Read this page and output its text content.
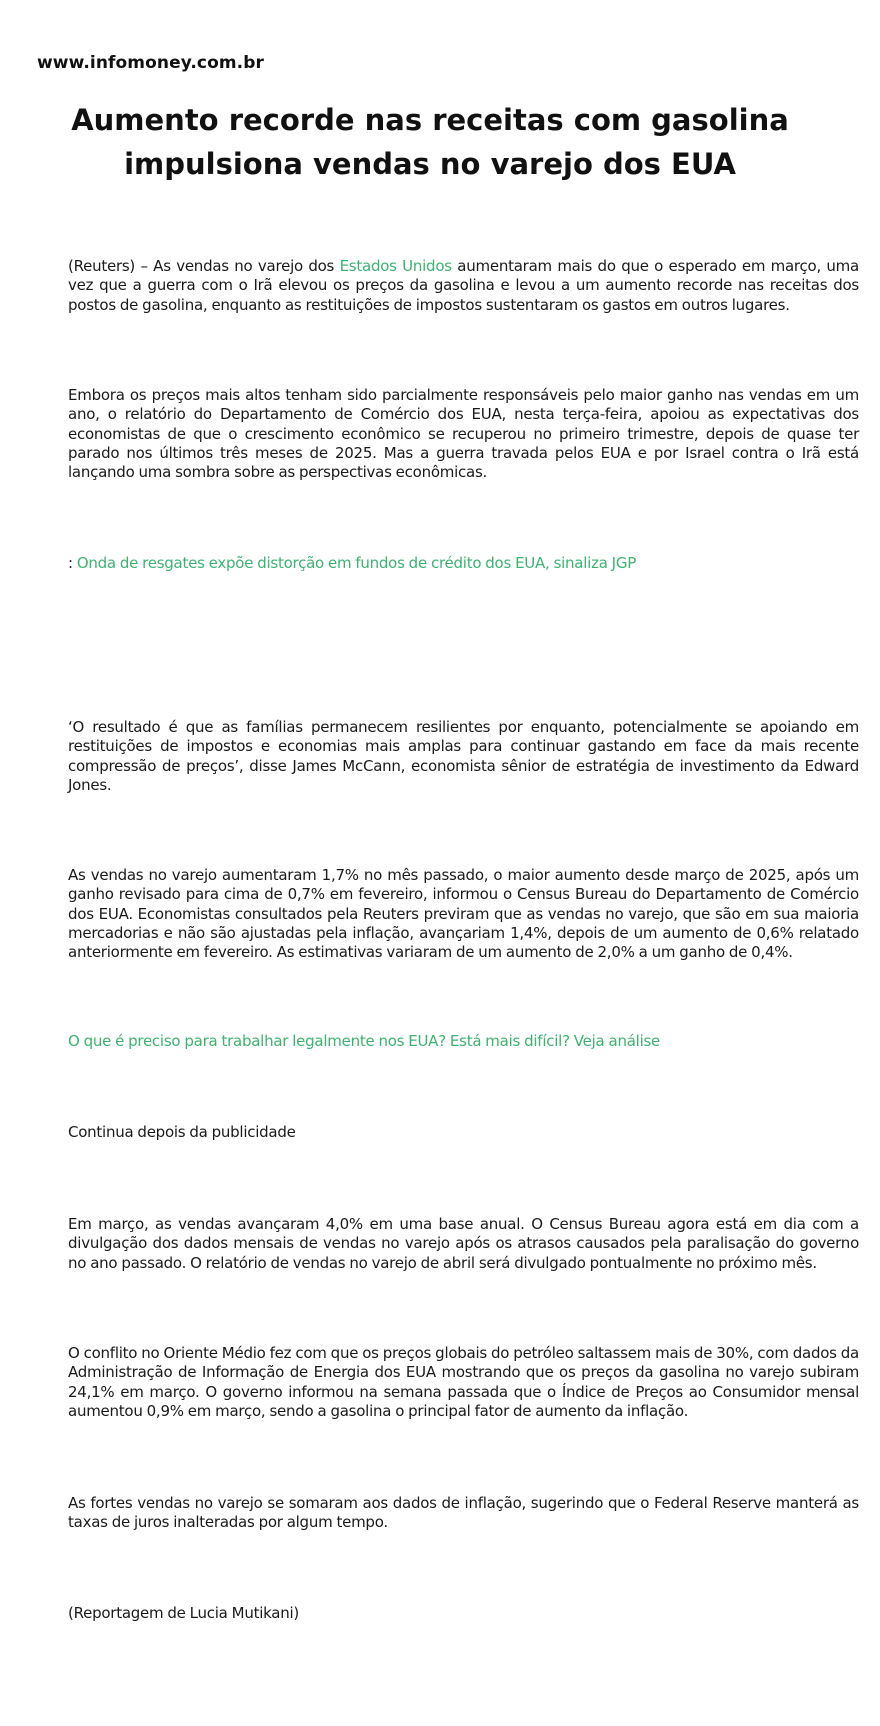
www.infomoney.com.br
Aumento recorde nas receitas com gasolina impulsiona vendas no varejo dos EUA

(Reuters) – As vendas no varejo dos Estados Unidos aumentaram mais do que o esperado em março, uma vez que a guerra com o Irã elevou os preços da gasolina e levou a um aumento recorde nas receitas dos postos de gasolina, enquanto as restituições de impostos sustentaram os gastos em outros lugares.

Embora os preços mais altos tenham sido parcialmente responsáveis pelo maior ganho nas vendas em um ano, o relatório do Departamento de Comércio dos EUA, nesta terça-feira, apoiou as expectativas dos economistas de que o crescimento econômico se recuperou no primeiro trimestre, depois de quase ter parado nos últimos três meses de 2025. Mas a guerra travada pelos EUA e por Israel contra o Irã está lançando uma sombra sobre as perspectivas econômicas.

: Onda de resgates expõe distorção em fundos de crédito dos EUA, sinaliza JGP

‘O resultado é que as famílias permanecem resilientes por enquanto, potencialmente se apoiando em restituições de impostos e economias mais amplas para continuar gastando em face da mais recente compressão de preços’, disse James McCann, economista sênior de estratégia de investimento da Edward Jones.

As vendas no varejo aumentaram 1,7% no mês passado, o maior aumento desde março de 2025, após um ganho revisado para cima de 0,7% em fevereiro, informou o Census Bureau do Departamento de Comércio dos EUA. Economistas consultados pela Reuters previram que as vendas no varejo, que são em sua maioria mercadorias e não são ajustadas pela inflação, avançariam 1,4%, depois de um aumento de 0,6% relatado anteriormente em fevereiro. As estimativas variaram de um aumento de 2,0% a um ganho de 0,4%.

O que é preciso para trabalhar legalmente nos EUA? Está mais difícil? Veja análise

Continua depois da publicidade

Em março, as vendas avançaram 4,0% em uma base anual. O Census Bureau agora está em dia com a divulgação dos dados mensais de vendas no varejo após os atrasos causados pela paralisação do governo no ano passado. O relatório de vendas no varejo de abril será divulgado pontualmente no próximo mês.

O conflito no Oriente Médio fez com que os preços globais do petróleo saltassem mais de 30%, com dados da Administração de Informação de Energia dos EUA mostrando que os preços da gasolina no varejo subiram 24,1% em março. O governo informou na semana passada que o Índice de Preços ao Consumidor mensal aumentou 0,9% em março, sendo a gasolina o principal fator de aumento da inflação.

As fortes vendas no varejo se somaram aos dados de inflação, sugerindo que o Federal Reserve manterá as taxas de juros inalteradas por algum tempo.

(Reportagem de Lucia Mutikani)
